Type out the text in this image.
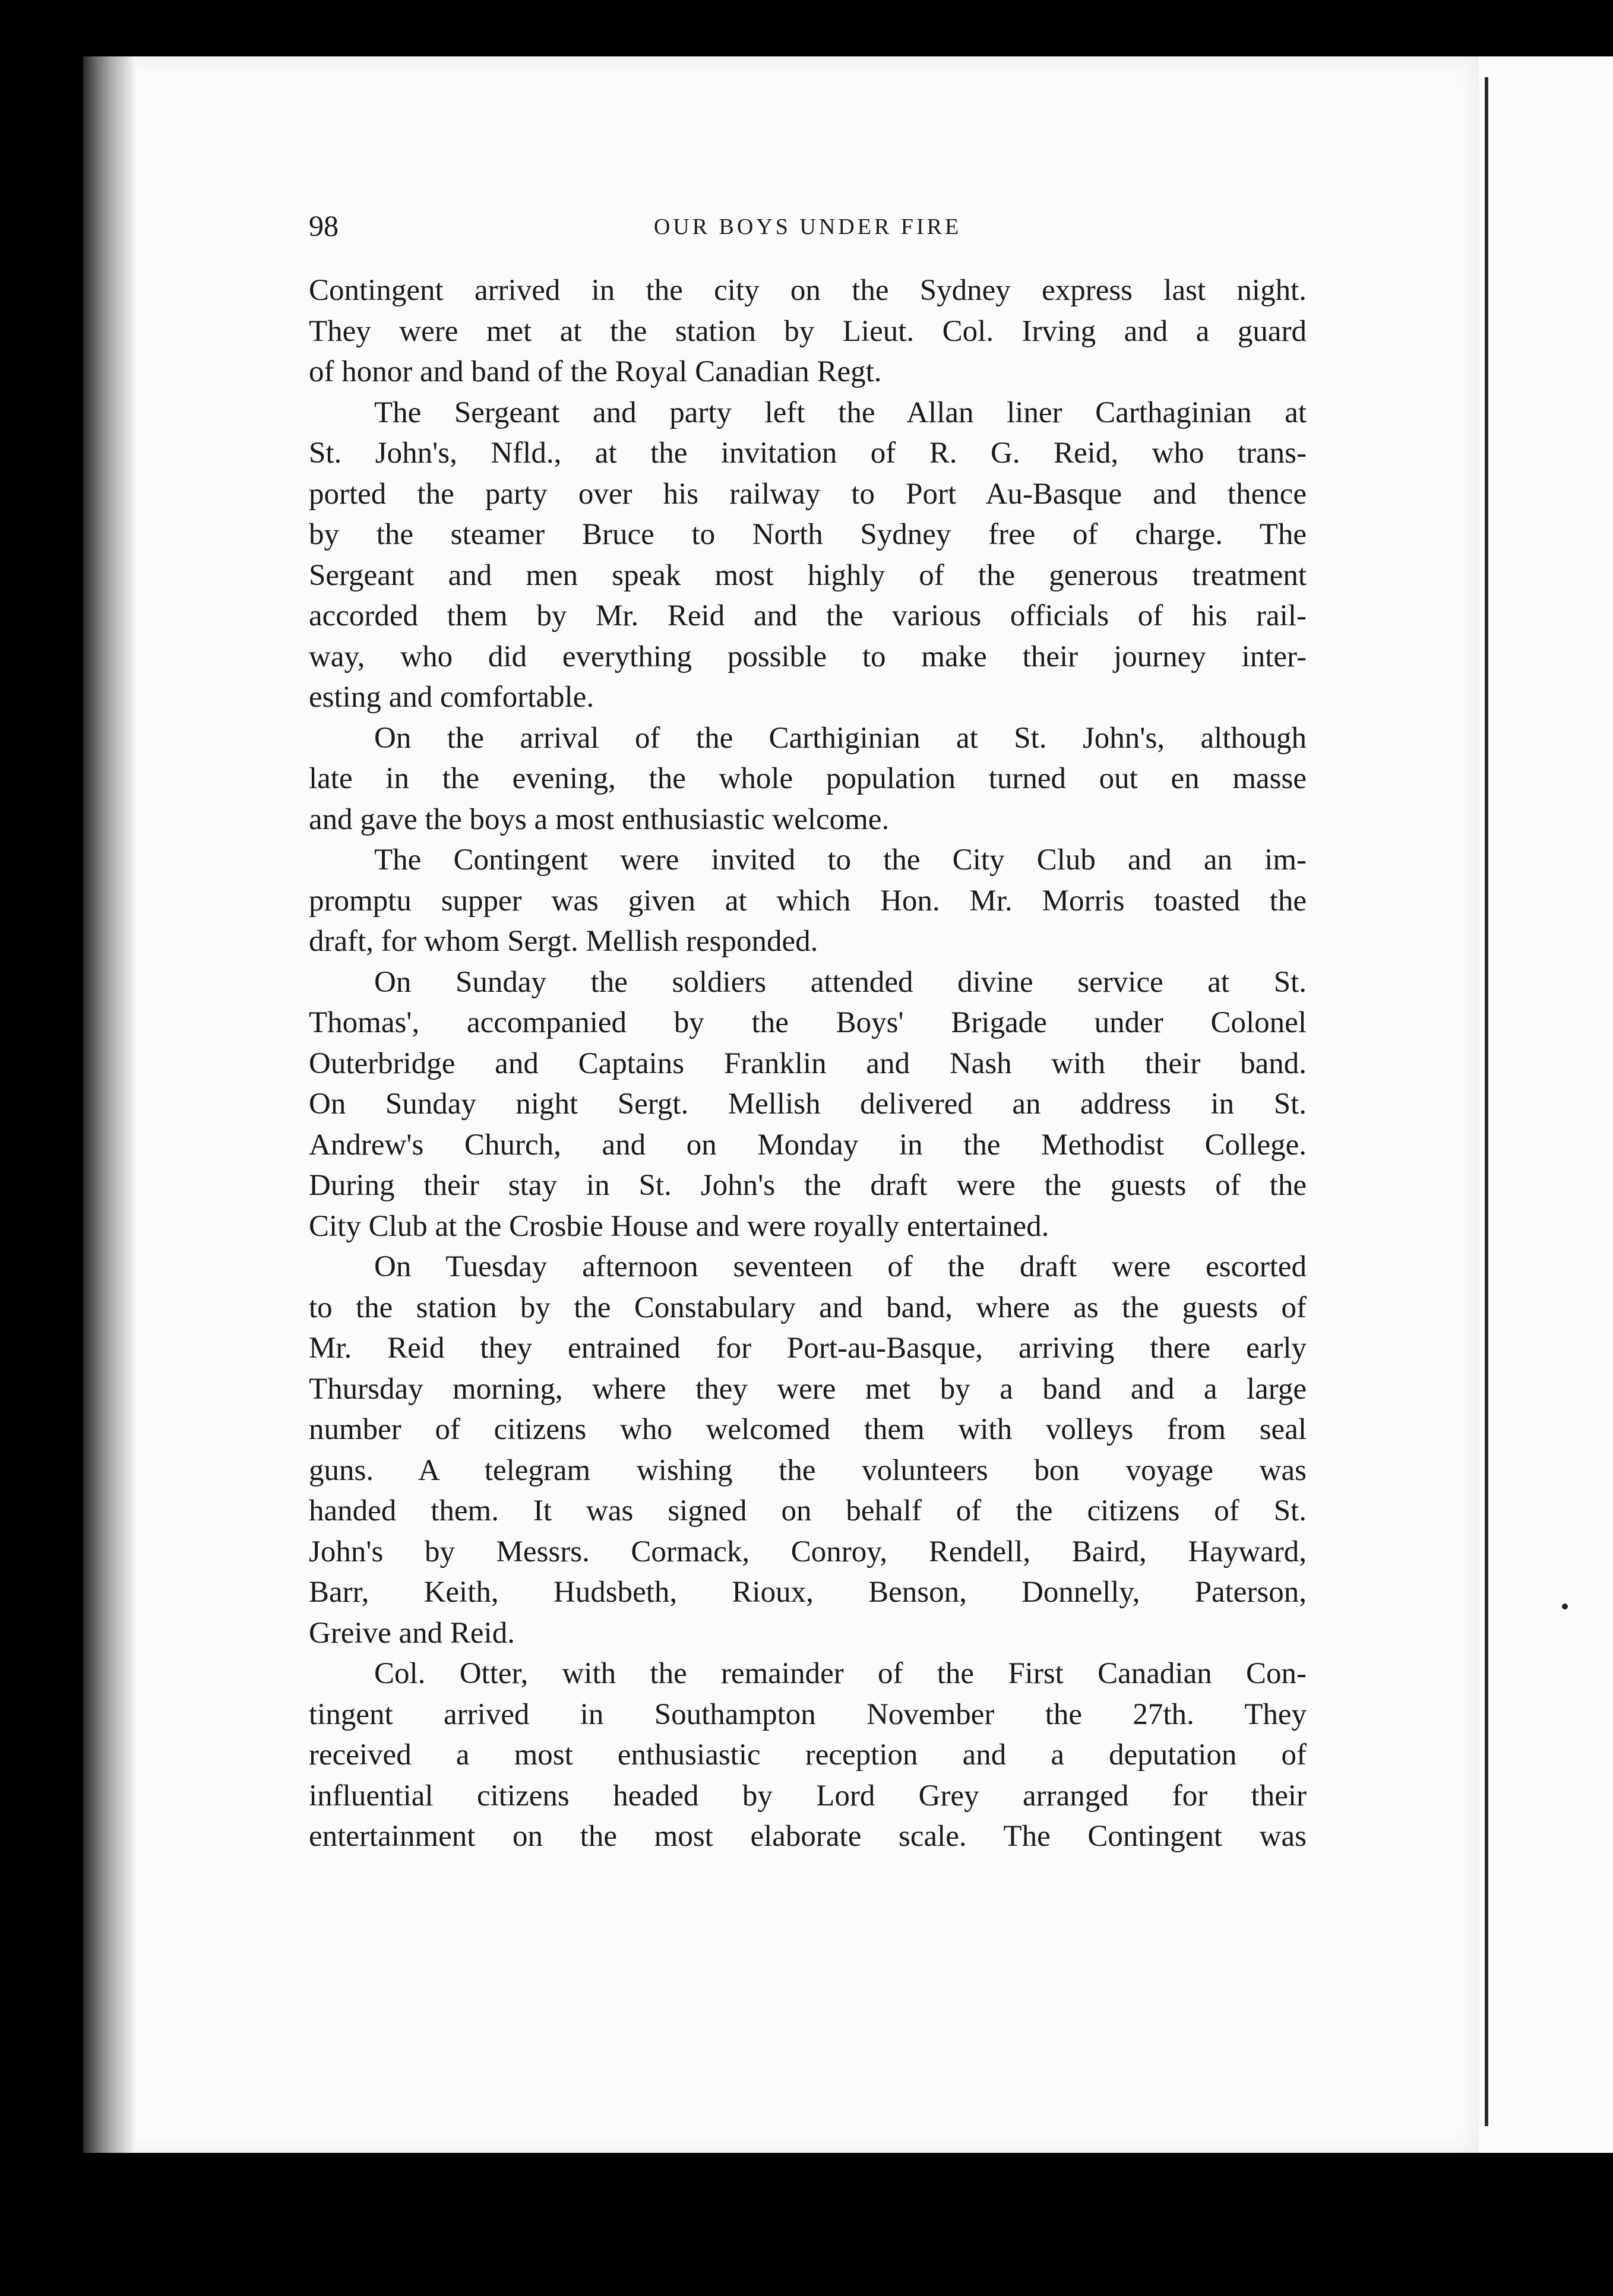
98	OUR BOYS UNDER FIRE
Contingent arrived in the city on the Sydney express last night.
They were met at the station by Lieut. Col. Irving and a guard
of honor and band of the Royal Canadian Regt.
The Sergeant and party left the Allan liner Carthaginian at
St. John's, Nfld., at the invitation of R. G. Reid, who trans-
ported the party over his railway to Port Au-Basque and thence
by the steamer Bruce to North Sydney free of charge. The
Sergeant and men speak most highly of the generous treatment
accorded them by Mr. Reid and the various officials of his rail-
way, who did everything possible to make their journey inter-
esting and comfortable.
On the arrival of the Carthiginian at St. John's, although
late in the evening, the whole population turned out en masse
and gave the boys a most enthusiastic welcome.
The Contingent were invited to the City Club and an im-
promptu supper was given at which Hon. Mr. Morris toasted the
draft, for whom Sergt. Mellish responded.
On Sunday the soldiers attended divine service at St.
Thomas', accompanied by the Boys' Brigade under Colonel
Outerbridge and Captains Franklin and Nash with their band.
On Sunday night Sergt. Mellish delivered an address in St.
Andrew's Church, and on Monday in the Methodist College.
During their stay in St. John's the draft were the guests of the
City Club at the Crosbie House and were royally entertained.
On Tuesday afternoon seventeen of the draft were escorted
to the station by the Constabulary and band, where as the guests of
Mr. Reid they entrained for Port-au-Basque, arriving there early
Thursday morning, where they were met by a band and a large
number of citizens who welcomed them with volleys from seal
guns. A telegram wishing the volunteers bon voyage was
handed them. It was signed on behalf of the citizens of St.
John's by Messrs. Cormack, Conroy, Rendell, Baird, Hayward,
Barr, Keith, Hudsbeth, Rioux, Benson, Donnelly, Paterson,
Greive and Reid.
Col. Otter, with the remainder of the First Canadian Con-
tingent arrived in Southampton November the 27th. They
received a most enthusiastic reception and a deputation of
influential citizens headed by Lord Grey arranged for their
entertainment on the most elaborate scale. The Contingent was
